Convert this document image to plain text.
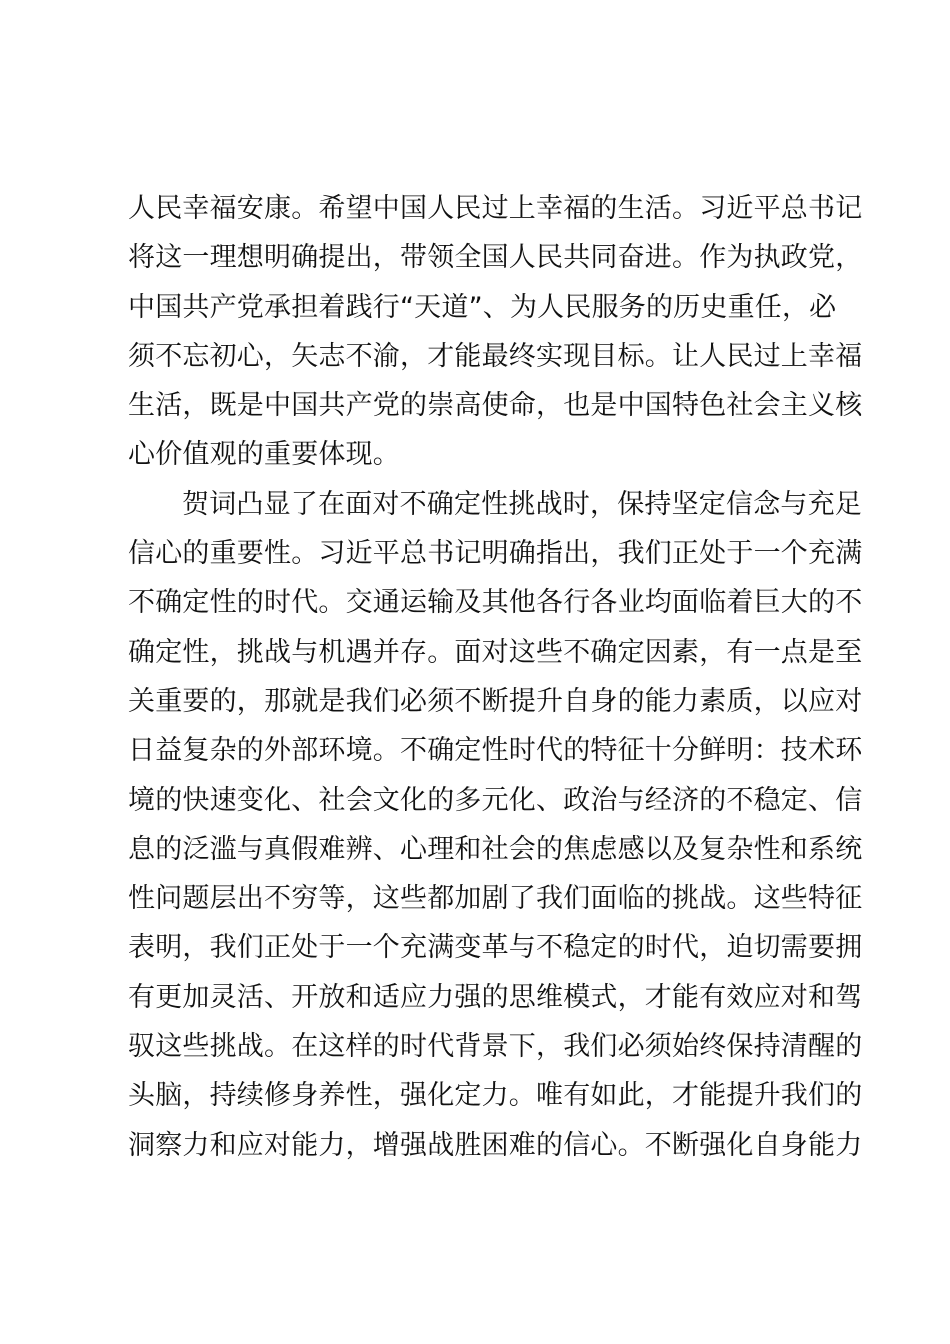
人民幸福安康。希望中国人民过上幸福的生活。习近平总书记
将这一理想明确提出，带领全国人民共同奋进。作为执政党，
中国共产党承担着践行“天道”、为人民服务的历史重任，必
须不忘初心，矢志不渝，才能最终实现目标。让人民过上幸福
生活，既是中国共产党的崇高使命，也是中国特色社会主义核
心价值观的重要体现。
贺词凸显了在面对不确定性挑战时，保持坚定信念与充足
信心的重要性。习近平总书记明确指出，我们正处于一个充满
不确定性的时代。交通运输及其他各行各业均面临着巨大的不
确定性，挑战与机遇并存。面对这些不确定因素，有一点是至
关重要的，那就是我们必须不断提升自身的能力素质，以应对
日益复杂的外部环境。不确定性时代的特征十分鲜明：技术环
境的快速变化、社会文化的多元化、政治与经济的不稳定、信
息的泛滥与真假难辨、心理和社会的焦虑感以及复杂性和系统
性问题层出不穷等，这些都加剧了我们面临的挑战。这些特征
表明，我们正处于一个充满变革与不稳定的时代，迫切需要拥
有更加灵活、开放和适应力强的思维模式，才能有效应对和驾
驭这些挑战。在这样的时代背景下，我们必须始终保持清醒的
头脑，持续修身养性，强化定力。唯有如此，才能提升我们的
洞察力和应对能力，增强战胜困难的信心。不断强化自身能力
